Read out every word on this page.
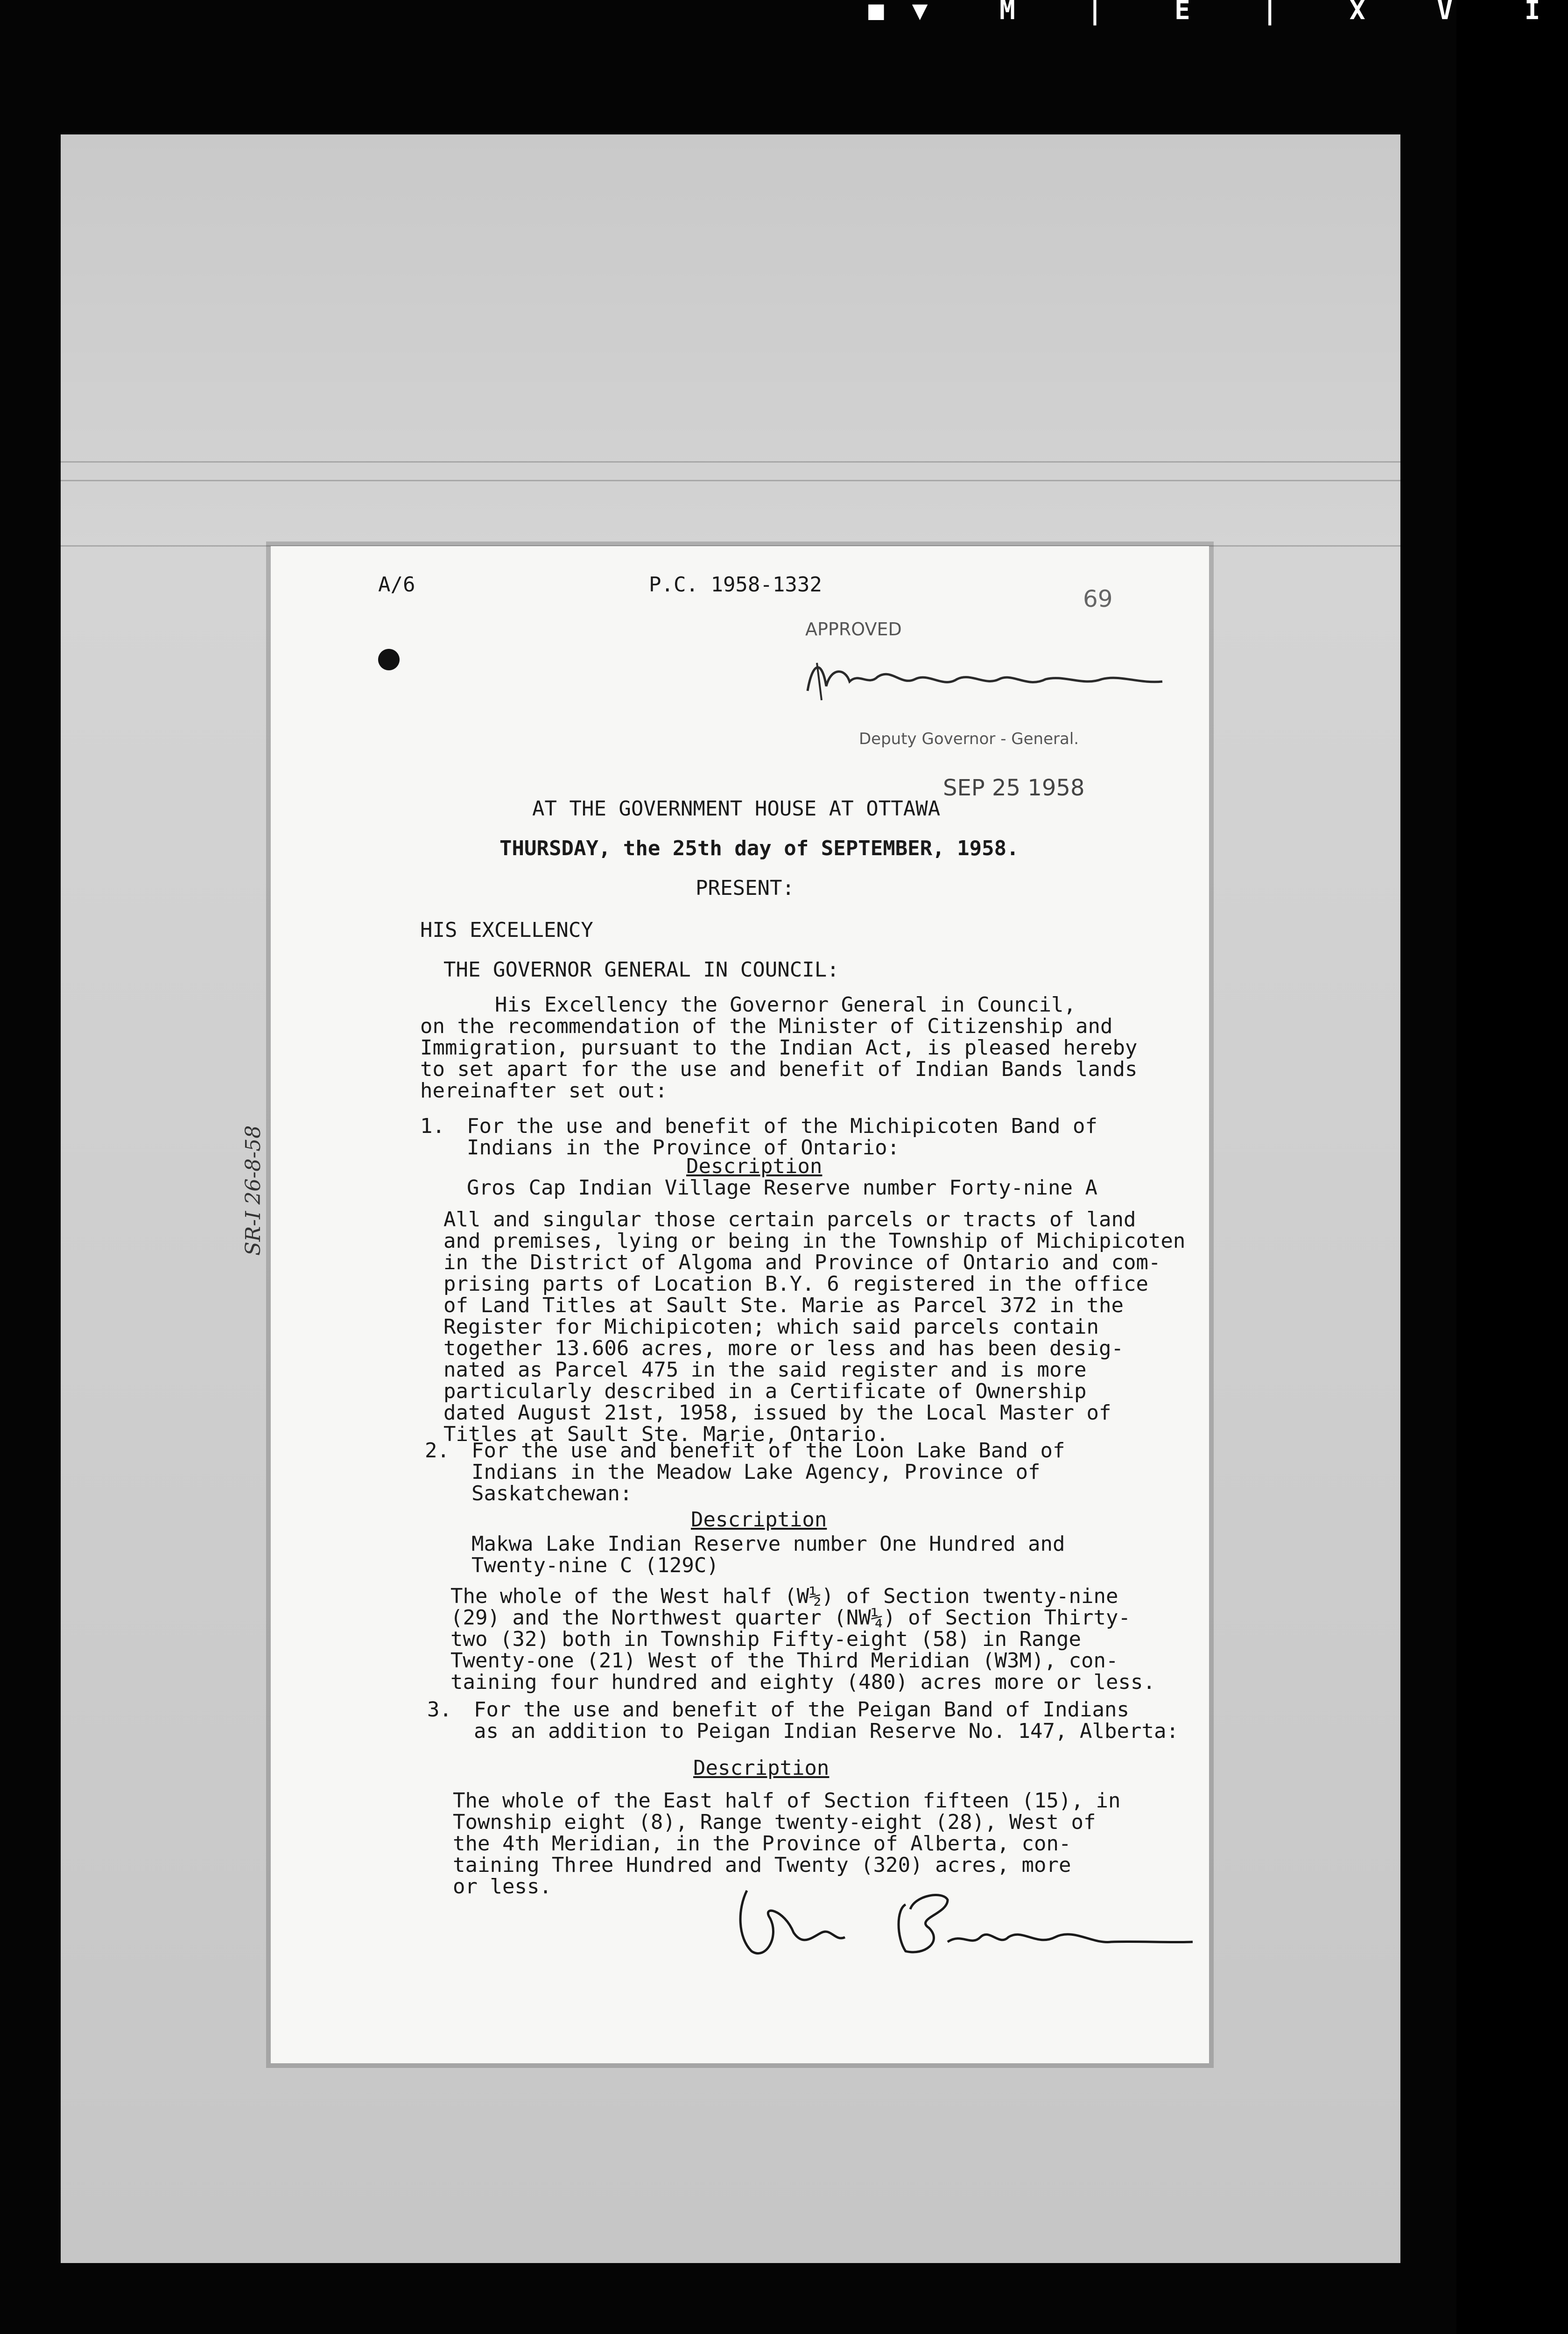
■▼ M | E | X V I
A/6	P.C. 1958-1332
69
APPROVED
Deputy Governor - General.
SEP 25 1958
AT THE GOVERNMENT HOUSE AT OTTAWA
THURSDAY, the 25th day of SEPTEMBER, 1958.
PRESENT:
HIS EXCELLENCY
THE GOVERNOR GENERAL IN COUNCIL:
SR-I 26-8-58
His Excellency the Governor General in Council,
on the recommendation of the Minister of Citizenship and
Immigration, pursuant to the Indian Act, is pleased hereby
to set apart for the use and benefit of Indian Bands lands
hereinafter set out:
1. For the use and benefit of the Michipicoten Band of
Indians in the Province of Ontario:
Description
Gros Cap Indian Village Reserve number Forty-nine A
All and singular those certain parcels or tracts of land
and premises, lying or being in the Township of Michipicoten
in the District of Algoma and Province of Ontario and com-
prising parts of Location B.Y. 6 registered in the office
of Land Titles at Sault Ste. Marie as Parcel 372 in the
Register for Michipicoten; which said parcels contain
together 13.606 acres, more or less and has been desig-
nated as Parcel 475 in the said register and is more
particularly described in a Certificate of Ownership
dated August 21st, 1958, issued by the Local Master of
Titles at Sault Ste. Marie, Ontario.
2. For the use and benefit of the Loon Lake Band of
Indians in the Meadow Lake Agency, Province of
Saskatchewan:
Description
Makwa Lake Indian Reserve number One Hundred and
Twenty-nine C (129C)
The whole of the West half (W½) of Section twenty-nine
(29) and the Northwest quarter (NW¼) of Section Thirty-
two (32) both in Township Fifty-eight (58) in Range
Twenty-one (21) West of the Third Meridian (W3M), con-
taining four hundred and eighty (480) acres more or less.
3. For the use and benefit of the Peigan Band of Indians
as an addition to Peigan Indian Reserve No. 147, Alberta:
Description
The whole of the East half of Section fifteen (15), in
Township eight (8), Range twenty-eight (28), West of
the 4th Meridian, in the Province of Alberta, con-
taining Three Hundred and Twenty (320) acres, more
or less.
